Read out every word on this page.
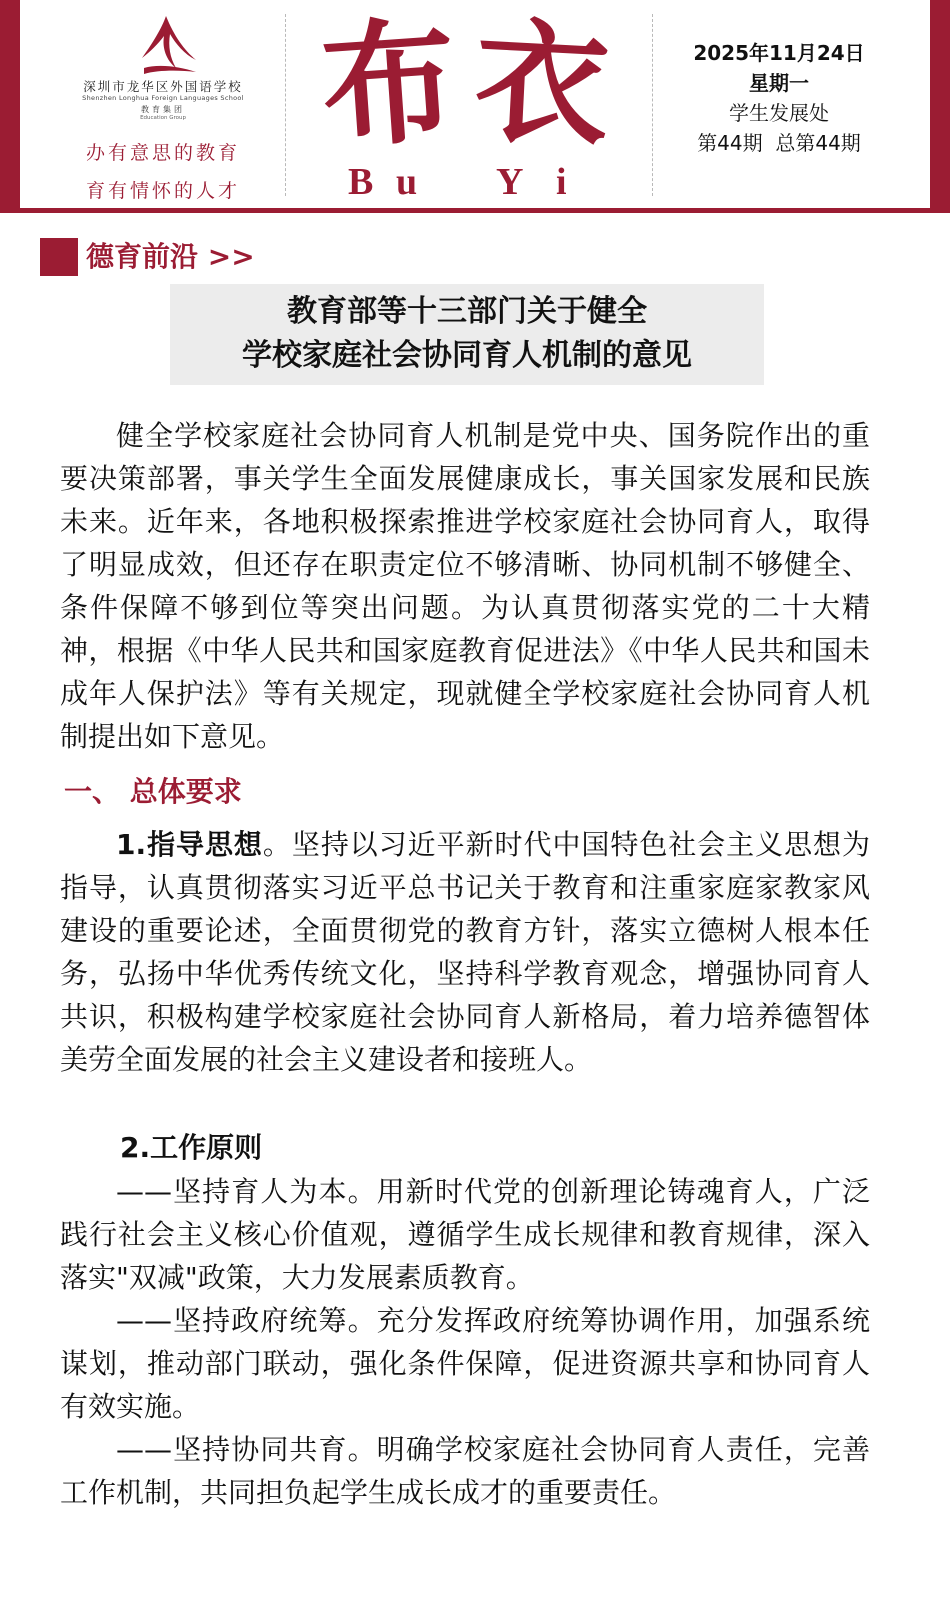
深圳市龙华区外国语学校
Shenzhen Longhua Foreign Languages School
教育集团
Education Group
办有意思的教育
育有情怀的人才
布 衣
B u Y i
2025年11月24日
星期一
学生发展处
第44期  总第44期
德育前沿 >>
教育部等十三部门关于健全
学校家庭社会协同育人机制的意见

健全学校家庭社会协同育人机制是党中央、国务院作出的重要决策部署，事关学生全面发展健康成长，事关国家发展和民族未来。近年来，各地积极探索推进学校家庭社会协同育人，取得了明显成效，但还存在职责定位不够清晰、协同机制不够健全、条件保障不够到位等突出问题。为认真贯彻落实党的二十大精神，根据《中华人民共和国家庭教育促进法》《中华人民共和国未成年人保护法》等有关规定，现就健全学校家庭社会协同育人机制提出如下意见。

一、 总体要求

1.指导思想。坚持以习近平新时代中国特色社会主义思想为指导，认真贯彻落实习近平总书记关于教育和注重家庭家教家风建设的重要论述，全面贯彻党的教育方针，落实立德树人根本任务，弘扬中华优秀传统文化，坚持科学教育观念，增强协同育人共识，积极构建学校家庭社会协同育人新格局，着力培养德智体美劳全面发展的社会主义建设者和接班人。

2.工作原则

——坚持育人为本。用新时代党的创新理论铸魂育人，广泛践行社会主义核心价值观，遵循学生成长规律和教育规律，深入落实"双减"政策，大力发展素质教育。

——坚持政府统筹。充分发挥政府统筹协调作用，加强系统谋划，推动部门联动，强化条件保障，促进资源共享和协同育人有效实施。

——坚持协同共育。明确学校家庭社会协同育人责任，完善工作机制，共同担负起学生成长成才的重要责任。
